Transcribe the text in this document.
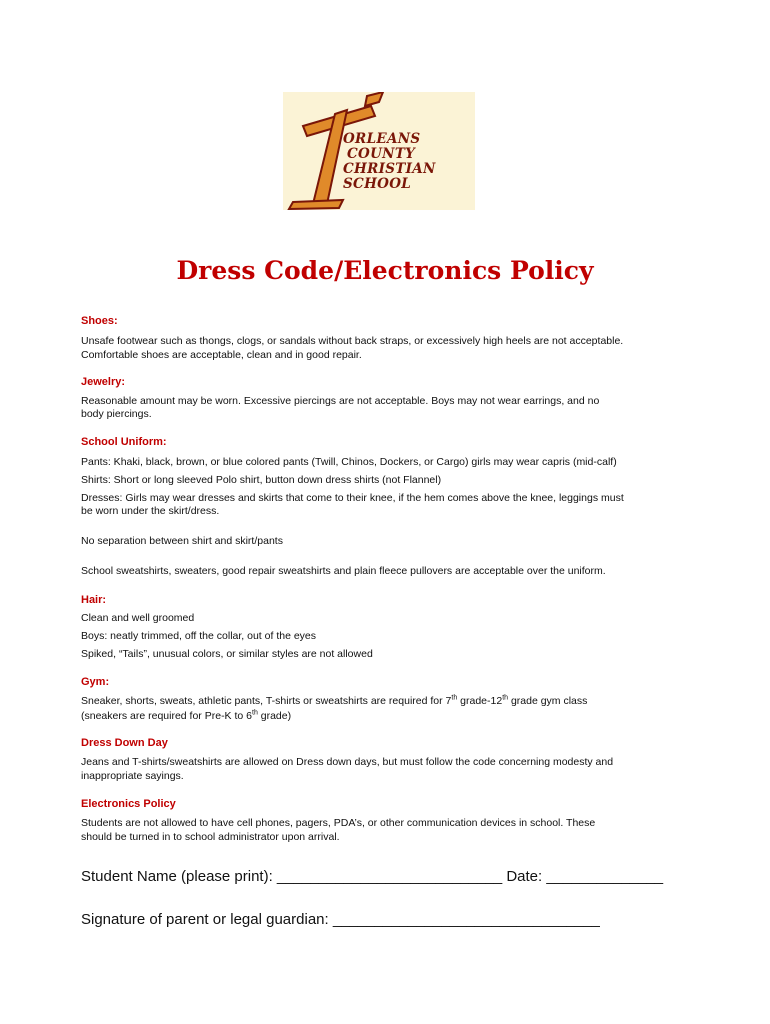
ORLEANS
COUNTY
CHRISTIAN
SCHOOL
Dress Code/Electronics Policy
Shoes:
Unsafe footwear such as thongs, clogs, or sandals without back straps, or excessively high heels are not acceptable.
Comfortable shoes are acceptable, clean and in good repair.
Jewelry:
Reasonable amount may be worn. Excessive piercings are not acceptable. Boys may not wear earrings, and no
body piercings.
School Uniform:
Pants: Khaki, black, brown, or blue colored pants (Twill, Chinos, Dockers, or Cargo) girls may wear capris (mid-calf)
Shirts: Short or long sleeved Polo shirt, button down dress shirts (not Flannel)
Dresses: Girls may wear dresses and skirts that come to their knee, if the hem comes above the knee, leggings must
be worn under the skirt/dress.
No separation between shirt and skirt/pants
School sweatshirts, sweaters, good repair sweatshirts and plain fleece pullovers are acceptable over the uniform.
Hair:
Clean and well groomed
Boys: neatly trimmed, off the collar, out of the eyes
Spiked, “Tails”, unusual colors, or similar styles are not allowed
Gym:
Sneaker, shorts, sweats, athletic pants, T-shirts or sweatshirts are required for 7th grade-12th grade gym class
(sneakers are required for Pre-K to 6th grade)
Dress Down Day
Jeans and T-shirts/sweatshirts are allowed on Dress down days, but must follow the code concerning modesty and
inappropriate sayings.
Electronics Policy
Students are not allowed to have cell phones, pagers, PDA’s, or other communication devices in school. These
should be turned in to school administrator upon arrival.
Student Name (please print): ___________________________ Date: ______________
Signature of parent or legal guardian: ________________________________
